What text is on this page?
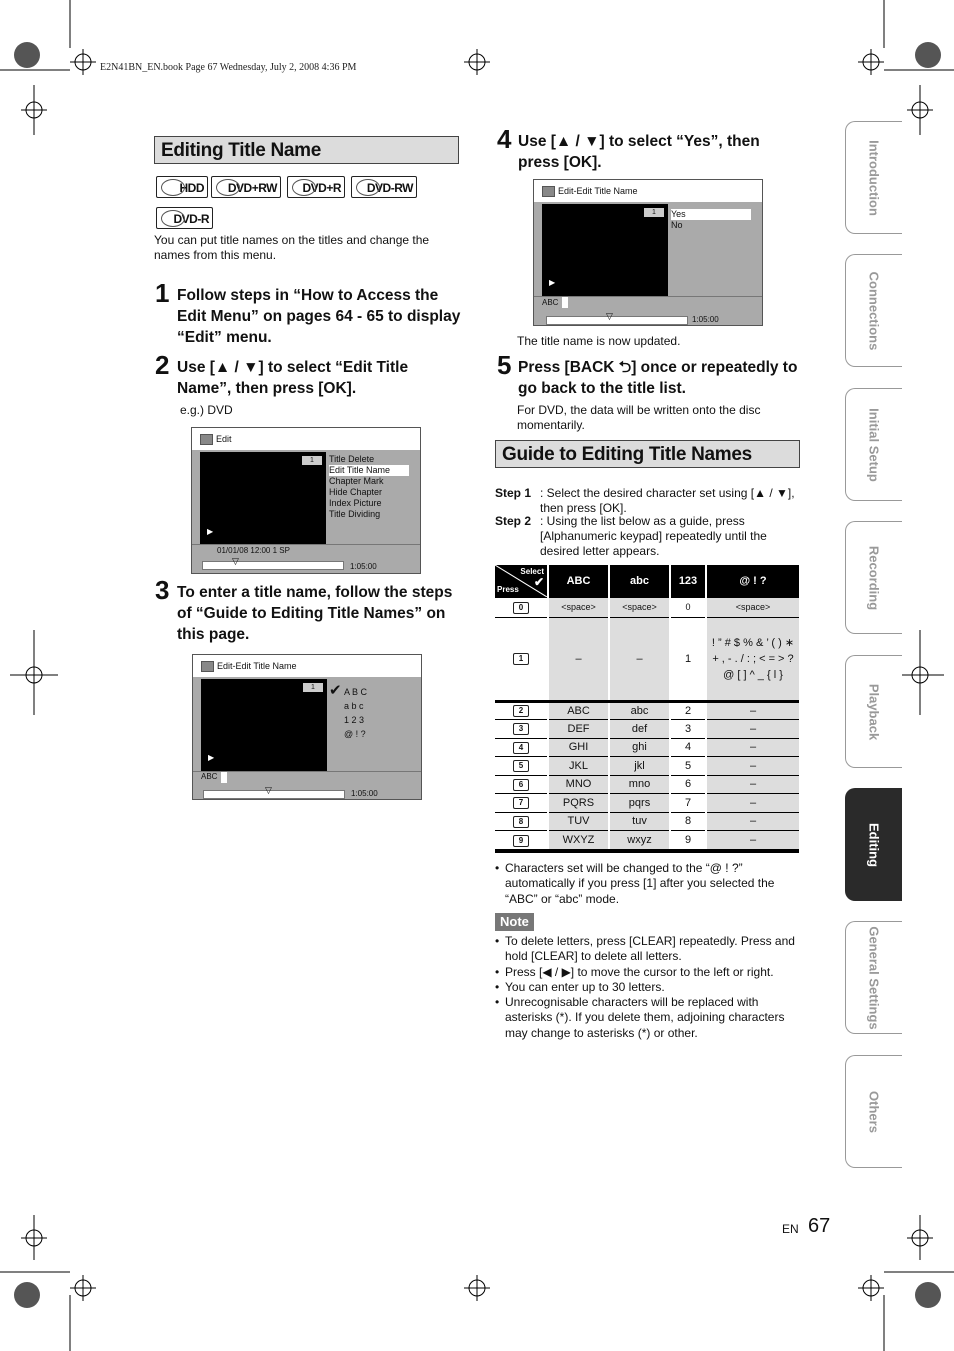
E2N41BN_EN.book Page 67 Wednesday, July 2, 2008 4:36 PM
Editing Title Name
HDD	DVD+RW	DVD+R	DVD-RW
DVD-R
You can put title names on the titles and change the names from this menu.
1 Follow steps in “How to Access the Edit Menu” on pages 64 - 65 to display “Edit” menu.
2 Use [▲ / ▼] to select “Edit Title Name”, then press [OK].
e.g.) DVD
Edit
1
▶
Title Delete
Edit Title Name
Chapter Mark
Hide Chapter
Index Picture
Title Dividing
01/01/08 12:00 1 SP
▽
1:05:00
3 To enter a title name, follow the steps of “Guide to Editing Title Names” on this page.
Edit-Edit Title Name
1
▶
✔ A B C
a b c
1 2 3
@ ! ?
ABC
▽	1:05:00
4 Use [▲ / ▼] to select “Yes”, then press [OK].
Edit-Edit Title Name
1
▶
Yes
No
ABC
▽	1:05:00
The title name is now updated.
5 Press [BACK ⮌] once or repeatedly to go back to the title list.
For DVD, the data will be written onto the disc momentarily.
Guide to Editing Title Names
Step 1 : Select the desired character set using [▲ / ▼], then press [OK].
Step 2 : Using the list below as a guide, press [Alphanumeric keypad] repeatedly until the desired letter appears.
Select
✔
Press	ABC	abc	123	@ ! ?
0	<space>	<space>	0	<space>
1	–	–	1	! ” # $ % & ’ ( ) ∗ + , - . / : ; < = > ? @ [ ] ^ _ { l }
2	ABC	abc	2	–
3	DEF	def	3	–
4	GHI	ghi	4	–
5	JKL	jkl	5	–
6	MNO	mno	6	–
7	PQRS	pqrs	7	–
8	TUV	tuv	8	–
9	WXYZ	wxyz	9	–

• Characters set will be changed to the “@ ! ?” automatically if you press [1] after you selected the “ABC” or “abc” mode.
Note
• To delete letters, press [CLEAR] repeatedly. Press and hold [CLEAR] to delete all letters.
• Press [◀ / ▶] to move the cursor to the left or right.
• You can enter up to 30 letters.
• Unrecognisable characters will be replaced with asterisks (*). If you delete them, adjoining characters may change to asterisks (*) or other.
Introduction
Connections
Initial Setup
Recording
Playback
Editing
General Settings
Others
EN 67
